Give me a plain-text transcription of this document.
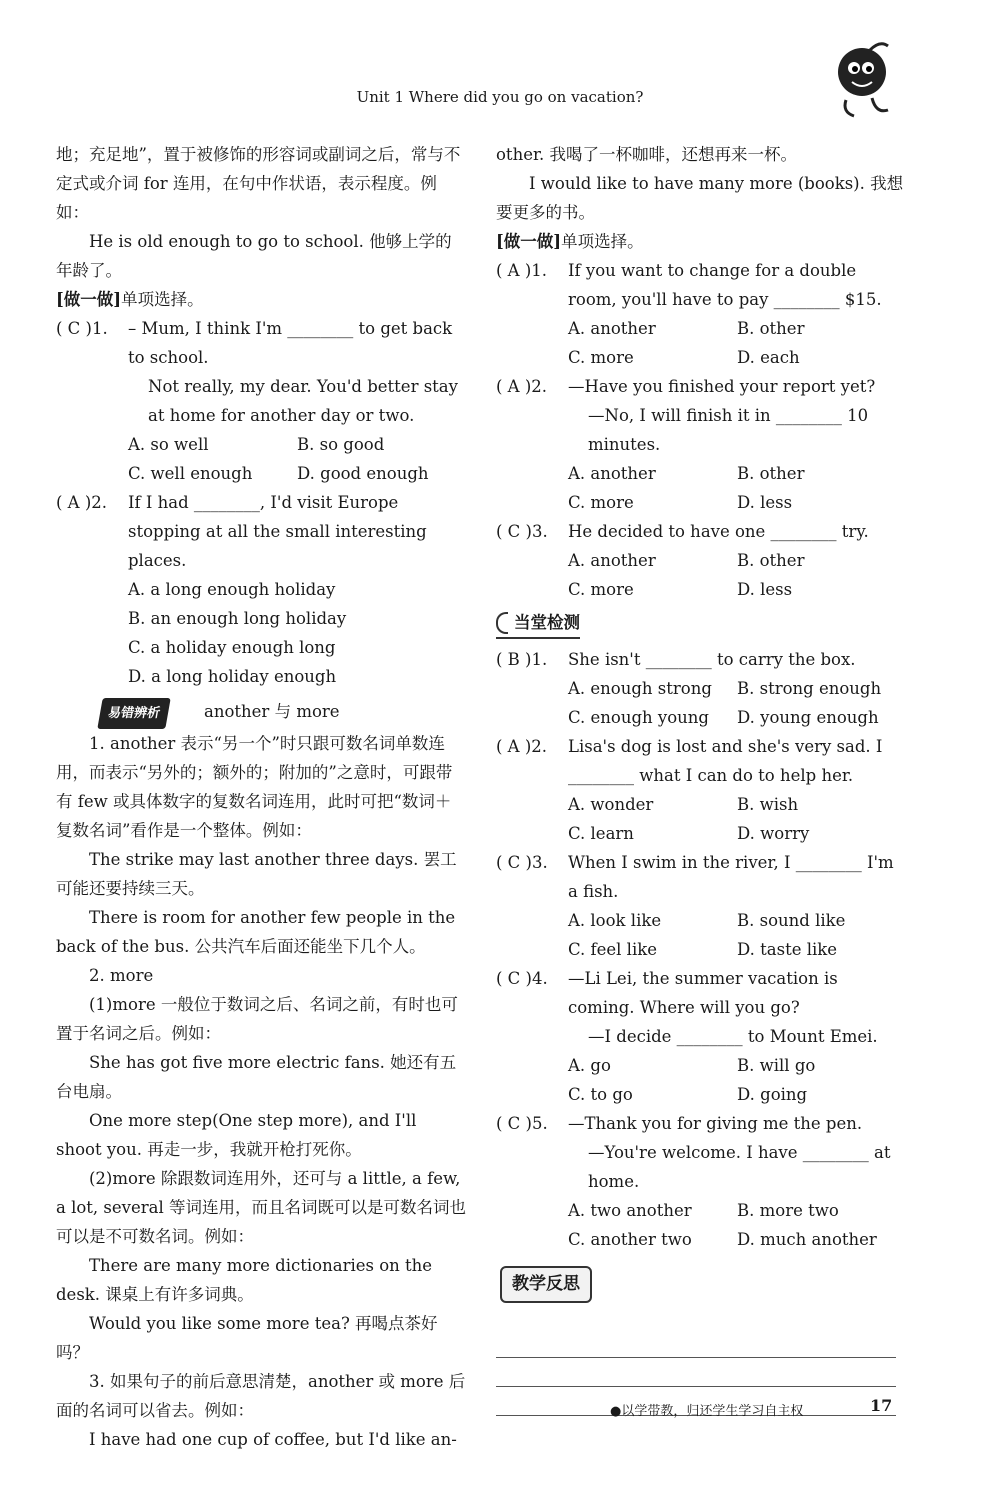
Unit 1 Where did you go on vacation?

地；充足地”，置于被修饰的形容词或副词之后，常与不定式或介词 for 连用，在句中作状语，表示程度。例如：

He is old enough to go to school. 他够上学的年龄了。

[做一做]单项选择。

( C )1.	– Mum, I think I'm ________ to get back to school.
Not really, my dear. You'd better stay at home for another day or two.
A. so well	B. so good
C. well enough	D. good enough
( A )2.	If I had ________, I'd visit Europe stopping at all the small interesting places.
A. a long enough holiday
B. an enough long holiday
C. a holiday enough long
D. a long holiday enough

易错辨析	another 与 more

1. another 表示“另一个”时只跟可数名词单数连用，而表示“另外的；额外的；附加的”之意时，可跟带有 few 或具体数字的复数名词连用，此时可把“数词＋复数名词”看作是一个整体。例如：

The strike may last another three days. 罢工可能还要持续三天。

There is room for another few people in the back of the bus. 公共汽车后面还能坐下几个人。

2. more

(1)more 一般位于数词之后、名词之前，有时也可置于名词之后。例如：

She has got five more electric fans. 她还有五台电扇。

One more step(One step more), and I'll shoot you. 再走一步，我就开枪打死你。

(2)more 除跟数词连用外，还可与 a little, a few, a lot, several 等词连用，而且名词既可以是可数名词也可以是不可数名词。例如：

There are many more dictionaries on the desk. 课桌上有许多词典。

Would you like some more tea? 再喝点茶好吗？

3. 如果句子的前后意思清楚，another 或 more 后面的名词可以省去。例如：

I have had one cup of coffee, but I'd like an-

other. 我喝了一杯咖啡，还想再来一杯。

I would like to have many more (books). 我想要更多的书。

[做一做]单项选择。

( A )1.	If you want to change for a double room, you'll have to pay ________ $15.
A. another	B. other
C. more	D. each
( A )2.	—Have you finished your report yet?
—No, I will finish it in ________ 10 minutes.
A. another	B. other
C. more	D. less
( C )3.	He decided to have one ________ try.
A. another	B. other
C. more	D. less
当堂检测
( B )1.	She isn't ________ to carry the box.
A. enough strong	B. strong enough
C. enough young	D. young enough
( A )2.	Lisa's dog is lost and she's very sad. I ________ what I can do to help her.
A. wonder	B. wish
C. learn	D. worry
( C )3.	When I swim in the river, I ________ I'm a fish.
A. look like	B. sound like
C. feel like	D. taste like
( C )4.	—Li Lei, the summer vacation is coming. Where will you go?
—I decide ________ to Mount Emei.
A. go	B. will go
C. to go	D. going
( C )5.	—Thank you for giving me the pen.
—You're welcome. I have ________ at home.
A. two another	B. more two
C. another two	D. much another
教学反思
●以学带教，归还学生学习自主权	17
